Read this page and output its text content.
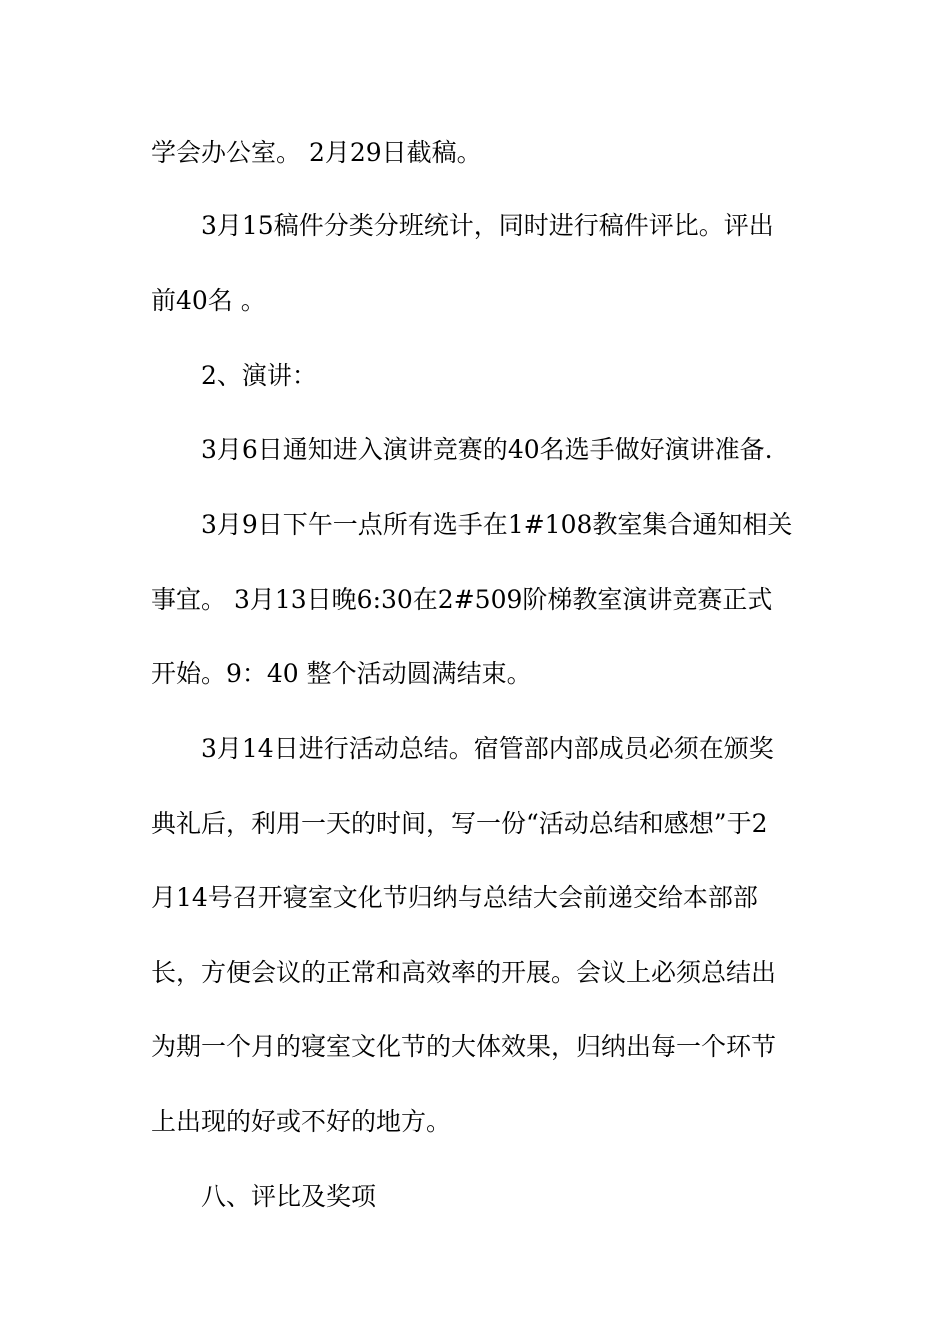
学会办公室。 2月29日截稿。
3月15稿件分类分班统计，同时进行稿件评比。评出
前40名 。
2、演讲：
3月6日通知进入演讲竞赛的40名选手做好演讲准备.
3月9日下午一点所有选手在1#108教室集合通知相关
事宜。 3月13日晚6:30在2#509阶梯教室演讲竞赛正式
开始。9：40 整个活动圆满结束。
3月14日进行活动总结。宿管部内部成员必须在颁奖
典礼后，利用一天的时间，写一份“活动总结和感想”于2
月14号召开寝室文化节归纳与总结大会前递交给本部部
长，方便会议的正常和高效率的开展。会议上必须总结出
为期一个月的寝室文化节的大体效果，归纳出每一个环节
上出现的好或不好的地方。
八、评比及奖项
